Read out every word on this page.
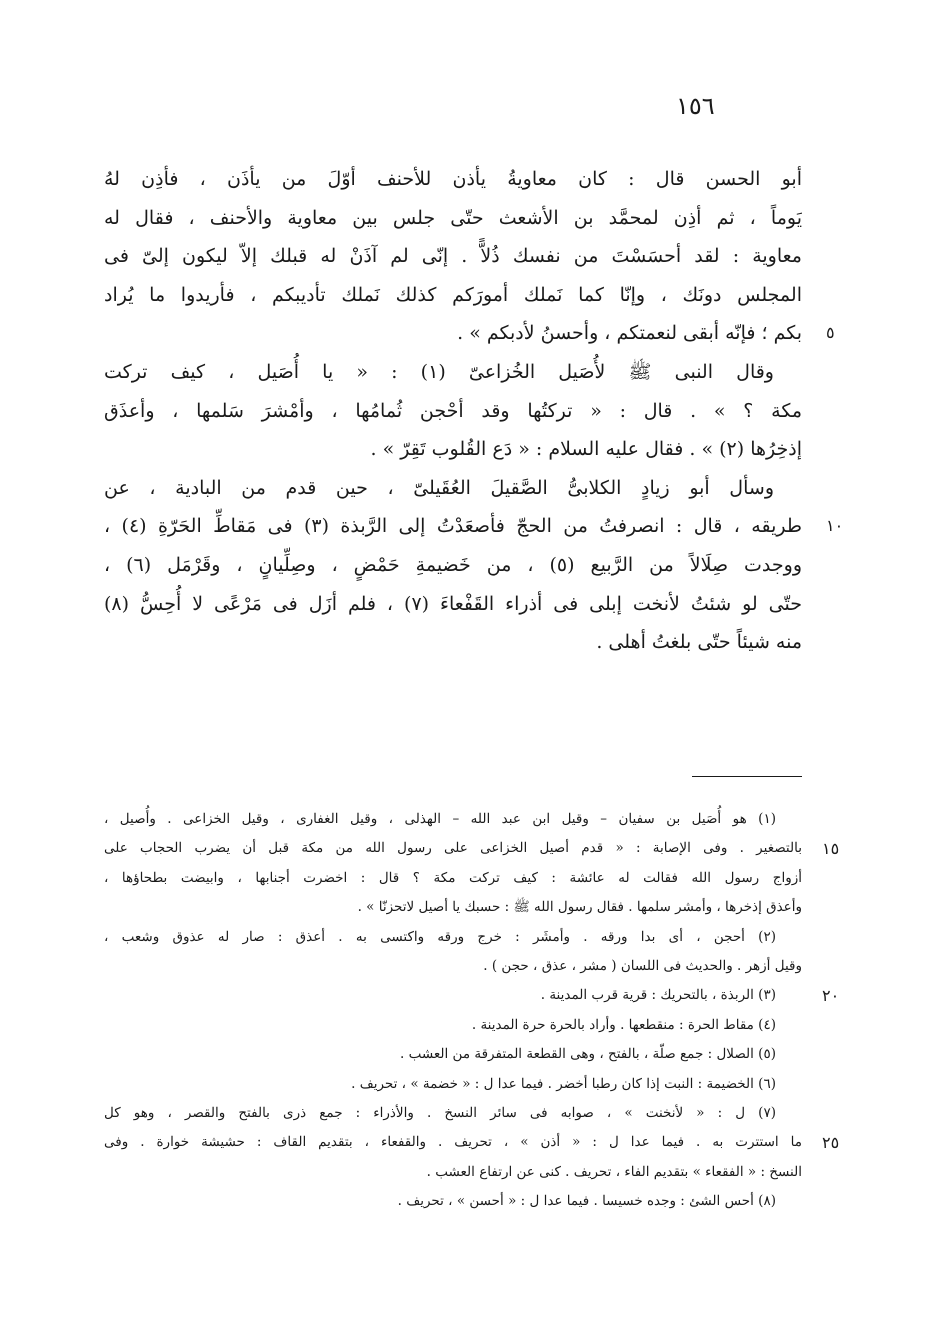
١٥٦
أبو الحسن قال : كان معاويةُ يأذن للأحنف أوّلَ من يأذَن ، فأذِن لهُ
يَوماً ، ثم أذِن لمحمَّد بن الأشعث حتّى جلس بين معاوية والأحنف ، فقال له
معاوية : لقد أحسَسْتَ من نفسك ذُلاًّ . إنّى لم آذَنْ له قبلك إلاّ ليكون إلىّ فى
المجلس دونَك ، وإنّا كما نَملك أمورَكم كذلك نَملك تأديبكم ، فأريدوا ما يُراد
بكم ؛ فإنّه أبقى لنعمتكم ، وأحسنُ لأدبكم » .
وقال النبى ﷺ لأُصَيل الخُزاعىّ (١) : « يا أُصَيل ، كيف تركت
مكة ؟ » . قال : « تركتُها وقد أحْجن ثُمامُها ، وأمْشرَ سَلمها ، وأعذَق
إذخِرُها (٢) » . فقال عليه السلام : « دَع القُلوب تَقِرّ » .
وسأل أبو زيادٍ الكلابىُّ الصَّقيلَ العُقَيلىّ ، حين قدم من البادية ، عن
طريقه ، قال : انصرفتُ من الحجّ فأصعَدْتُ إلى الرَّبذة (٣) فى مَقاطِّ الحَرّةِ (٤) ،
ووجدت صِلَالاً من الرَّبيع (٥) ، من خَضيمةِ حَمْضٍ ، وصِلِّيانٍ ، وقَرْمَل (٦) ،
حتّى لو شئتُ لأنخت إبلى فى أذراء القَفْعاءَ (٧) ، فلم أزَل فى مَرْعًى لا أُحِسُّ (٨)
منه شيئاً حتّى بلغتُ أهلى .
٥
١٠
(١) هو أُصَيل بن سفيان – وقيل ابن عبد الله – الهذلى ، وقيل الغفارى ، وقيل الخزاعى . وأُصيل ،
بالتصغير . وفى الإصابة : « قدم أصيل الخزاعى على رسول الله من مكة قبل أن يضرب الحجاب على
أزواج رسول الله فقالت له عائشة : كيف تركت مكة ؟ قال : اخضرت أجنابها ، وابيضت بطحاؤها ،
وأعذق إذخرها ، وأمشر سلمها . فقال رسول الله ﷺ : حسبك يا أصيل لاتحزنّا » .
(٢) أحجن ، أى بدا ورقه . وأمشَر : خرج ورقه واكتسى به . أعذق : صار له عذوق وشعب ،
وقيل أزهر . والحديث فى اللسان ( مشر ، عذق ، حجن ) .
(٣) الربذة ، بالتحريك : قرية قرب المدينة .
(٤) مقاط الحرة : منقطعها . وأراد بالحرة حرة المدينة .
(٥) الصلال : جمع صلّة ، بالفتح ، وهى القطعة المتفرقة من العشب .
(٦) الخضيمة : النبت إذا كان رطبا أخضر . فيما عدا ل : « خضمة » ، تحريف .
(٧) ل : « لأنخنت » ، صوابه فى سائر النسخ . والأذراء : جمع ذرى بالفتح والقصر ، وهو كل
ما استترت به . فيما عدا ل : « أذن » ، تحريف . والقفعاء ، بتقديم القاف : حشيشة خوارة . وفى
النسخ : « الفقعاء » بتقديم الفاء ، تحريف . كنى عن ارتفاع العشب .
(٨) أحس الشئ : وجده خسيسا . فيما عدا ل : « أحسن » ، تحريف .
١٥
٢٠
٢٥
